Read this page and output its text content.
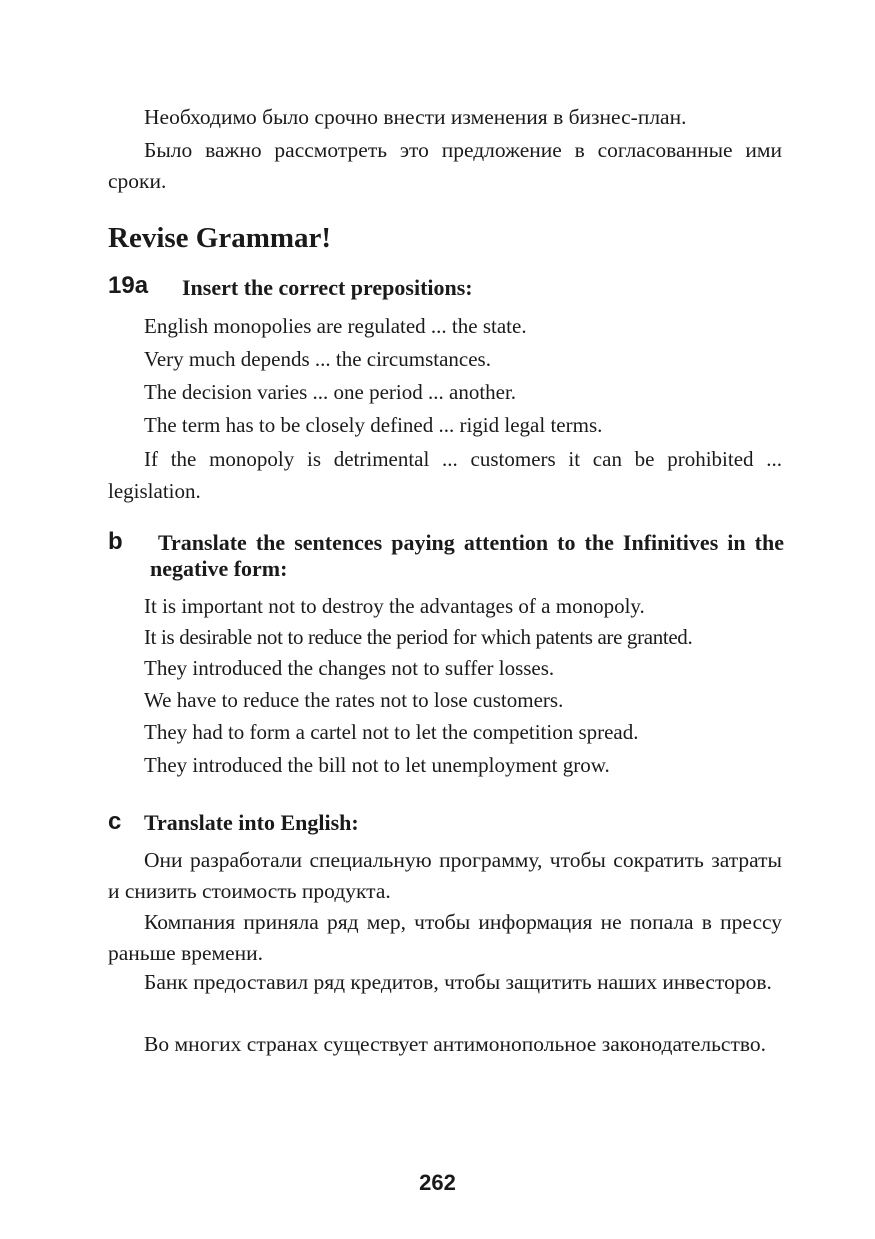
Необходимо было срочно внести изменения в бизнес-план.

Было важно рассмотреть это предложение в согласованные ими сроки.

Revise Grammar!
19a Insert the correct prepositions:

English monopolies are regulated ... the state.

Very much depends ... the circumstances.

The decision varies ... one period ... another.

The term has to be closely defined ... rigid legal terms.

If the monopoly is detrimental ... customers it can be prohibited ... legislation.

b	Translate the sentences paying attention to the Infinitives in the negative form:

It is important not to destroy the advantages of a monopoly.

It is desirable not to reduce the period for which patents are granted.

They introduced the changes not to suffer losses.

We have to reduce the rates not to lose customers.

They had to form a cartel not to let the competition spread.

They introduced the bill not to let unemployment grow.

c Translate into English:

Они разработали специальную программу, чтобы сократить затраты и снизить стоимость продукта.

Компания приняла ряд мер, чтобы информация не попала в прессу раньше времени.

Банк предоставил ряд кредитов, чтобы защитить наших инвесторов.

Во многих странах существует антимонопольное законодательство.

262
